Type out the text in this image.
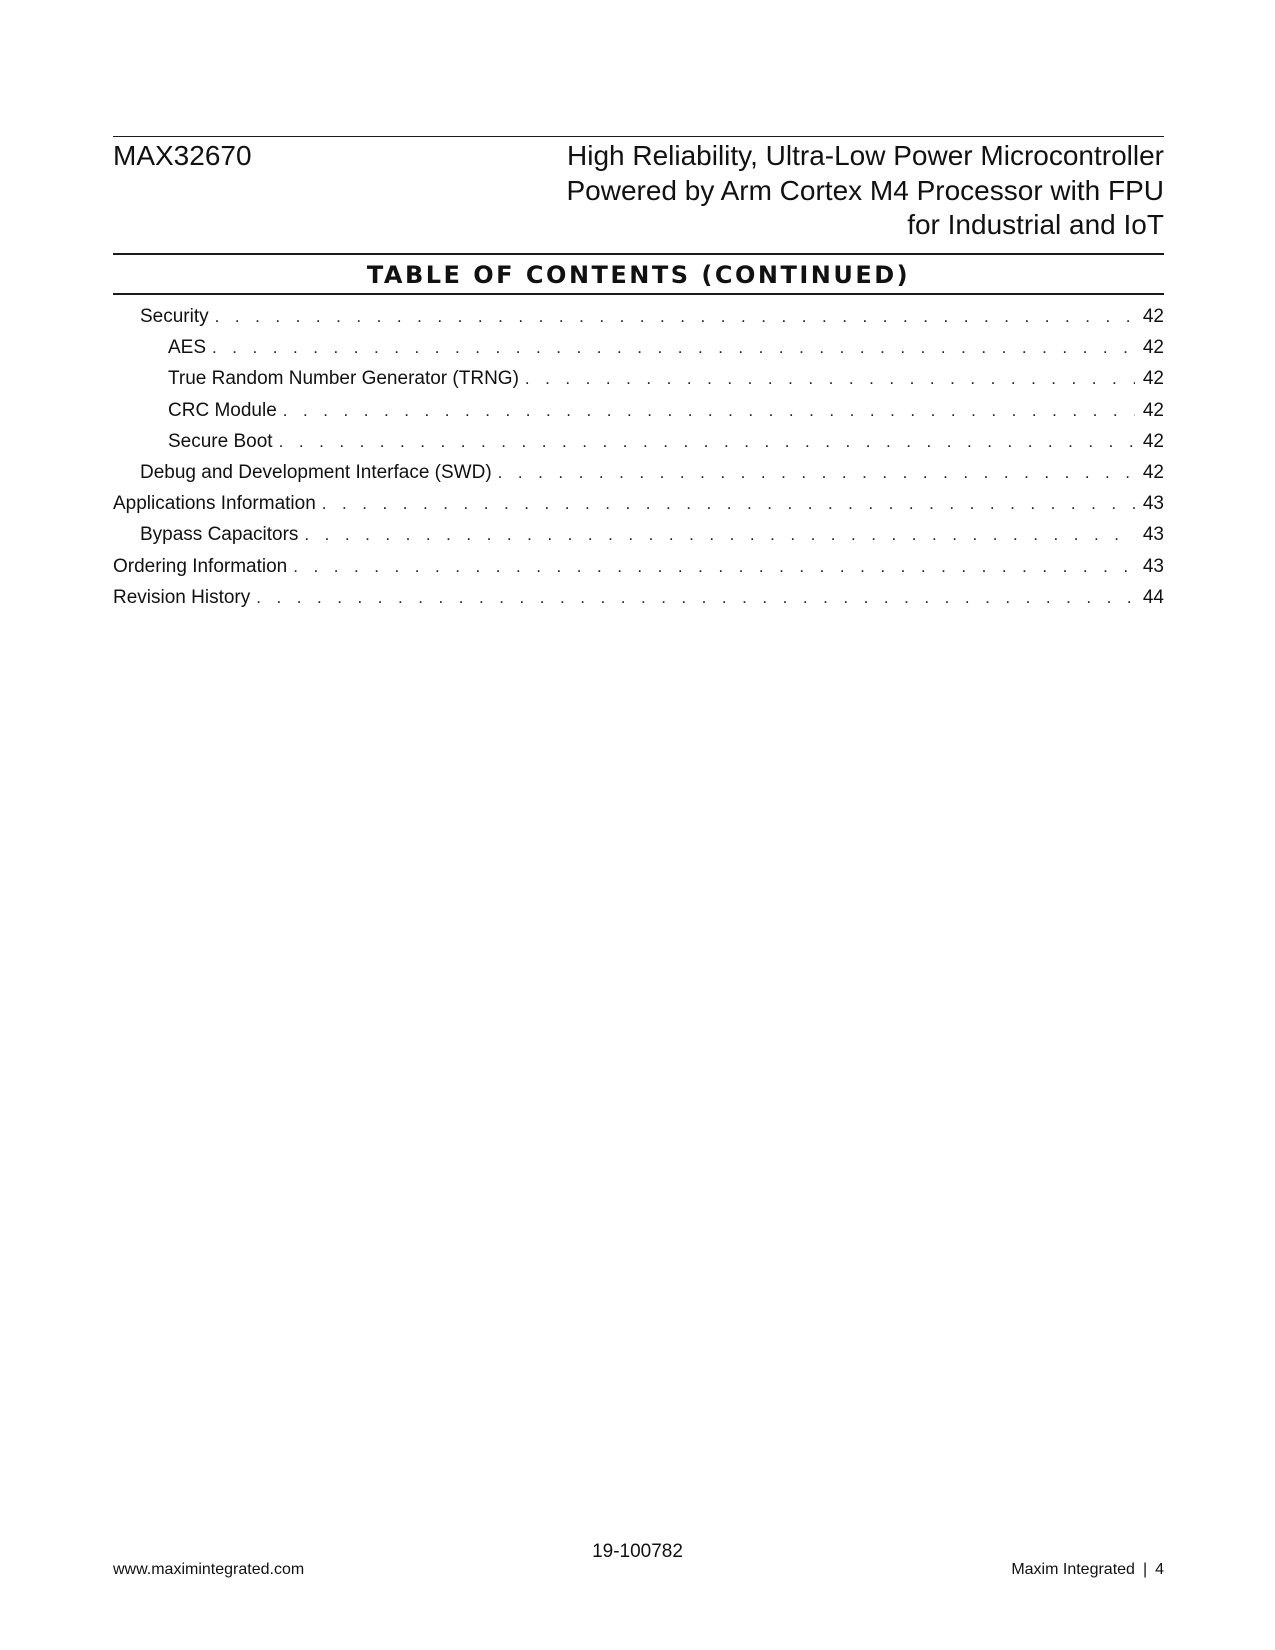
MAX32670	High Reliability, Ultra-Low Power Microcontroller
Powered by Arm Cortex M4 Processor with FPU
for Industrial and IoT
TABLE OF CONTENTS (CONTINUED)
Security . . .	42
AES . . .	42
True Random Number Generator (TRNG) . . .	42
CRC Module . . .	42
Secure Boot . . .	42
Debug and Development Interface (SWD) . . .	42
Applications Information . . .	43
Bypass Capacitors . . .	43
Ordering Information . . .	43
Revision History . . .	44
19-100782
www.maximintegrated.com	Maxim Integrated | 4
